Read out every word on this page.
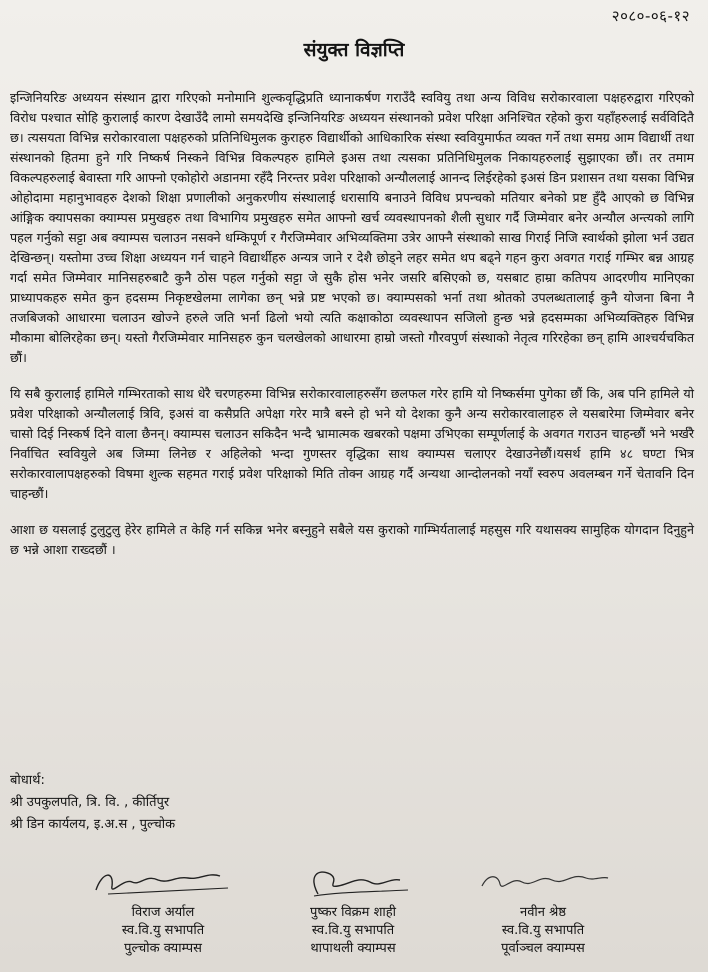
२०८०-०६-१२
संयुक्त विज्ञप्ति

इन्जिनियरिङ अध्ययन संस्थान द्वारा गरिएको मनोमानि शुल्कवृद्धिप्रति ध्यानाकर्षण गराउँदै स्ववियु तथा अन्य विविध सरोकारवाला पक्षहरुद्वारा गरिएको विरोध पश्चात सोहि कुरालाई कारण देखाउँदै लामो समयदेखि इन्जिनियरिङ अध्ययन संस्थानको प्रवेश परिक्षा अनिश्चित रहेको कुरा यहाँहरुलाई सर्वविदितै छ। त्यसयता विभिन्न सरोकारवाला पक्षहरुको प्रतिनिधिमुलक कुराहरु विद्यार्थीको आधिकारिक संस्था स्ववियुमार्फत व्यक्त गर्ने तथा समग्र आम विद्यार्थी तथा संस्थानको हितमा हुने गरि निष्कर्ष निस्कने विभिन्न विकल्पहरु हामिले इअस तथा त्यसका प्रतिनिधिमुलक निकायहरुलाई सुझाएका छौं। तर तमाम विकल्पहरुलाई बेवास्ता गरि आफ्नो एकोहोरो अडानमा रहँदै निरन्तर प्रवेश परिक्षाको अन्यौललाई आनन्द लिईरहेको इअसं डिन प्रशासन तथा यसका विभिन्न ओहोदामा महानुभावहरु देशको शिक्षा प्रणालीको अनुकरणीय संस्थालाई धरासायि बनाउने विविध प्रपन्चको मतियार बनेको प्रष्ट हुँदै आएको छ विभिन्न आंङ्गिक क्यापसका क्याम्पस प्रमुखहरु तथा विभागिय प्रमुखहरु समेत आफ्नो खर्च व्यवस्थापनको शैली सुधार गर्दै जिम्मेवार बनेर अन्यौल अन्त्यको लागि पहल गर्नुको सट्टा अब क्याम्पस चलाउन नसक्ने धम्किपूर्ण र गैरजिम्मेवार अभिव्यक्तिमा उत्रेर आफ्नै संस्थाको साख गिराई निजि स्वार्थको झोला भर्न उद्यत देखिन्छन्। यस्तोमा उच्च शिक्षा अध्ययन गर्न चाहने विद्यार्थीहरु अन्यत्र जाने र देशै छोड्ने लहर समेत थप बढ्ने गहन कुरा अवगत गराई गम्भिर बन्न आग्रह गर्दा समेत जिम्मेवार मानिसहरुबाटै कुनै ठोस पहल गर्नुको सट्टा जे सुकै होस भनेर जसरि बसिएको छ, यसबाट हाम्रा कतिपय आदरणीय मानिएका प्राध्यापकहरु समेत कुन हदसम्म निकृष्टखेलमा लागेका छन् भन्ने प्रष्ट भएको छ। क्याम्पसको भर्ना तथा श्रोतको उपलब्धतालाई कुनै योजना बिना नै तजबिजको आधारमा चलाउन खोज्ने हरुले जति भर्ना ढिलो भयो त्यति कक्षाकोठा व्यवस्थापन सजिलो हुन्छ भन्ने हदसम्मका अभिव्यक्तिहरु विभिन्न मौकामा बोलिरहेका छन्। यस्तो गैरजिम्मेवार मानिसहरु कुन चलखेलको आधारमा हाम्रो जस्तो गौरवपुर्ण संस्थाको नेतृत्व गरिरहेका छन् हामि आश्चर्यचकित छौं।

यि सबै कुरालाई हामिले गम्भिरताको साथ धेरै चरणहरुमा विभिन्न सरोकारवालाहरुसँग छलफल गरेर हामि यो निष्कर्समा पुगेका छौं कि, अब पनि हामिले यो प्रवेश परिक्षाको अन्यौललाई त्रिवि, इअसं वा कसैप्रति अपेक्षा गरेर मात्रै बस्ने हो भने यो देशका कुनै अन्य सरोकारवालाहरु ले यसबारेमा जिम्मेवार बनेर चासो दिई निस्कर्ष दिने वाला छैनन्। क्याम्पस चलाउन सकिदैन भन्दै भ्रामात्मक खबरको पक्षमा उभिएका सम्पूर्णलाई के अवगत गराउन चाहन्छौं भने भर्खरै निर्वाचित स्ववियुले अब जिम्मा लिनेछ र अहिलेको भन्दा गुणस्तर वृद्धिका साथ क्याम्पस चलाएर देखाउनेछौं।यसर्थ हामि ४८ घण्टा भित्र सरोकारवालापक्षहरुको विषमा शुल्क सहमत गराई प्रवेश परिक्षाको मिति तोक्न आग्रह गर्दै अन्यथा आन्दोलनको नयाँ स्वरुप अवलम्बन गर्ने चेतावनि दिन चाहन्छौं।

आशा छ यसलाई टुलुटुलु हेरेर हामिले त केहि गर्न सकिन्न भनेर बस्नुहुने सबैले यस कुराको गाम्भिर्यतालाई महसुस गरि यथासक्य सामुहिक योगदान दिनुहुने छ भन्ने आशा राख्दछौं ।

बोधार्थ:
श्री उपकुलपति, त्रि. वि. , कीर्तिपुर
श्री डिन कार्यलय, इ.अ.स , पुल्चोक
विराज अर्याल
स्व.वि.यु सभापति
पुल्चोक क्याम्पस
पुष्कर विक्रम शाही
स्व.वि.यु सभापति
थापाथली क्याम्पस
नवीन श्रेष्ठ
स्व.वि.यु सभापति
पूर्वाञ्चल क्याम्पस
